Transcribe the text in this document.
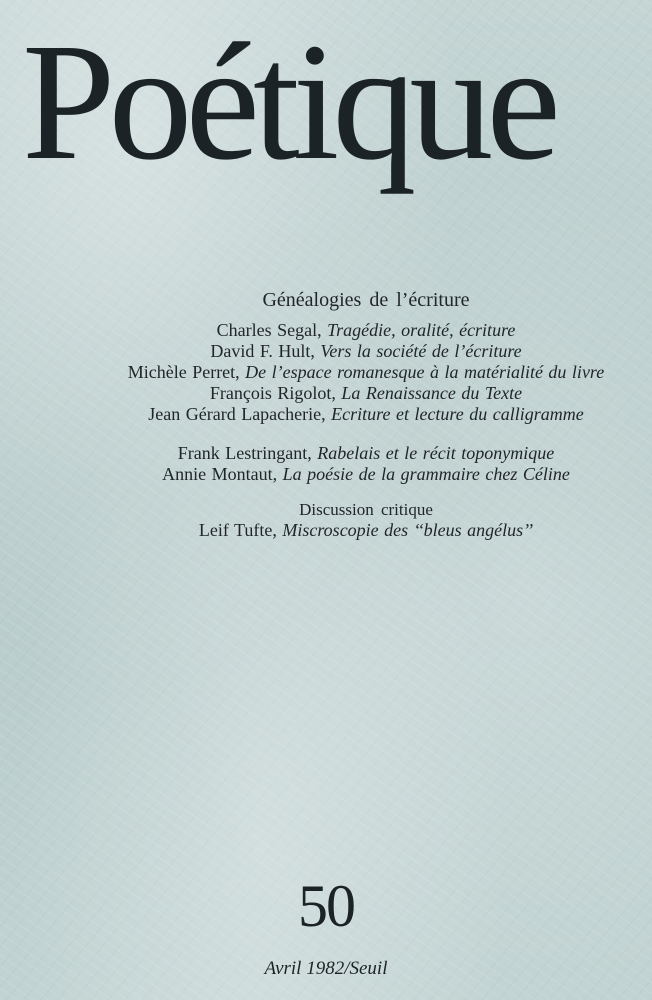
Poétique
Généalogies de l’écriture
Charles Segal, Tragédie, oralité, écriture
David F. Hult, Vers la société de l’écriture
Michèle Perret, De l’espace romanesque à la matérialité du livre
François Rigolot, La Renaissance du Texte
Jean Gérard Lapacherie, Ecriture et lecture du calligramme
Frank Lestringant, Rabelais et le récit toponymique
Annie Montaut, La poésie de la grammaire chez Céline
Discussion critique
Leif Tufte, Miscroscopie des ‘‘bleus angélus’’
50
Avril 1982/Seuil
